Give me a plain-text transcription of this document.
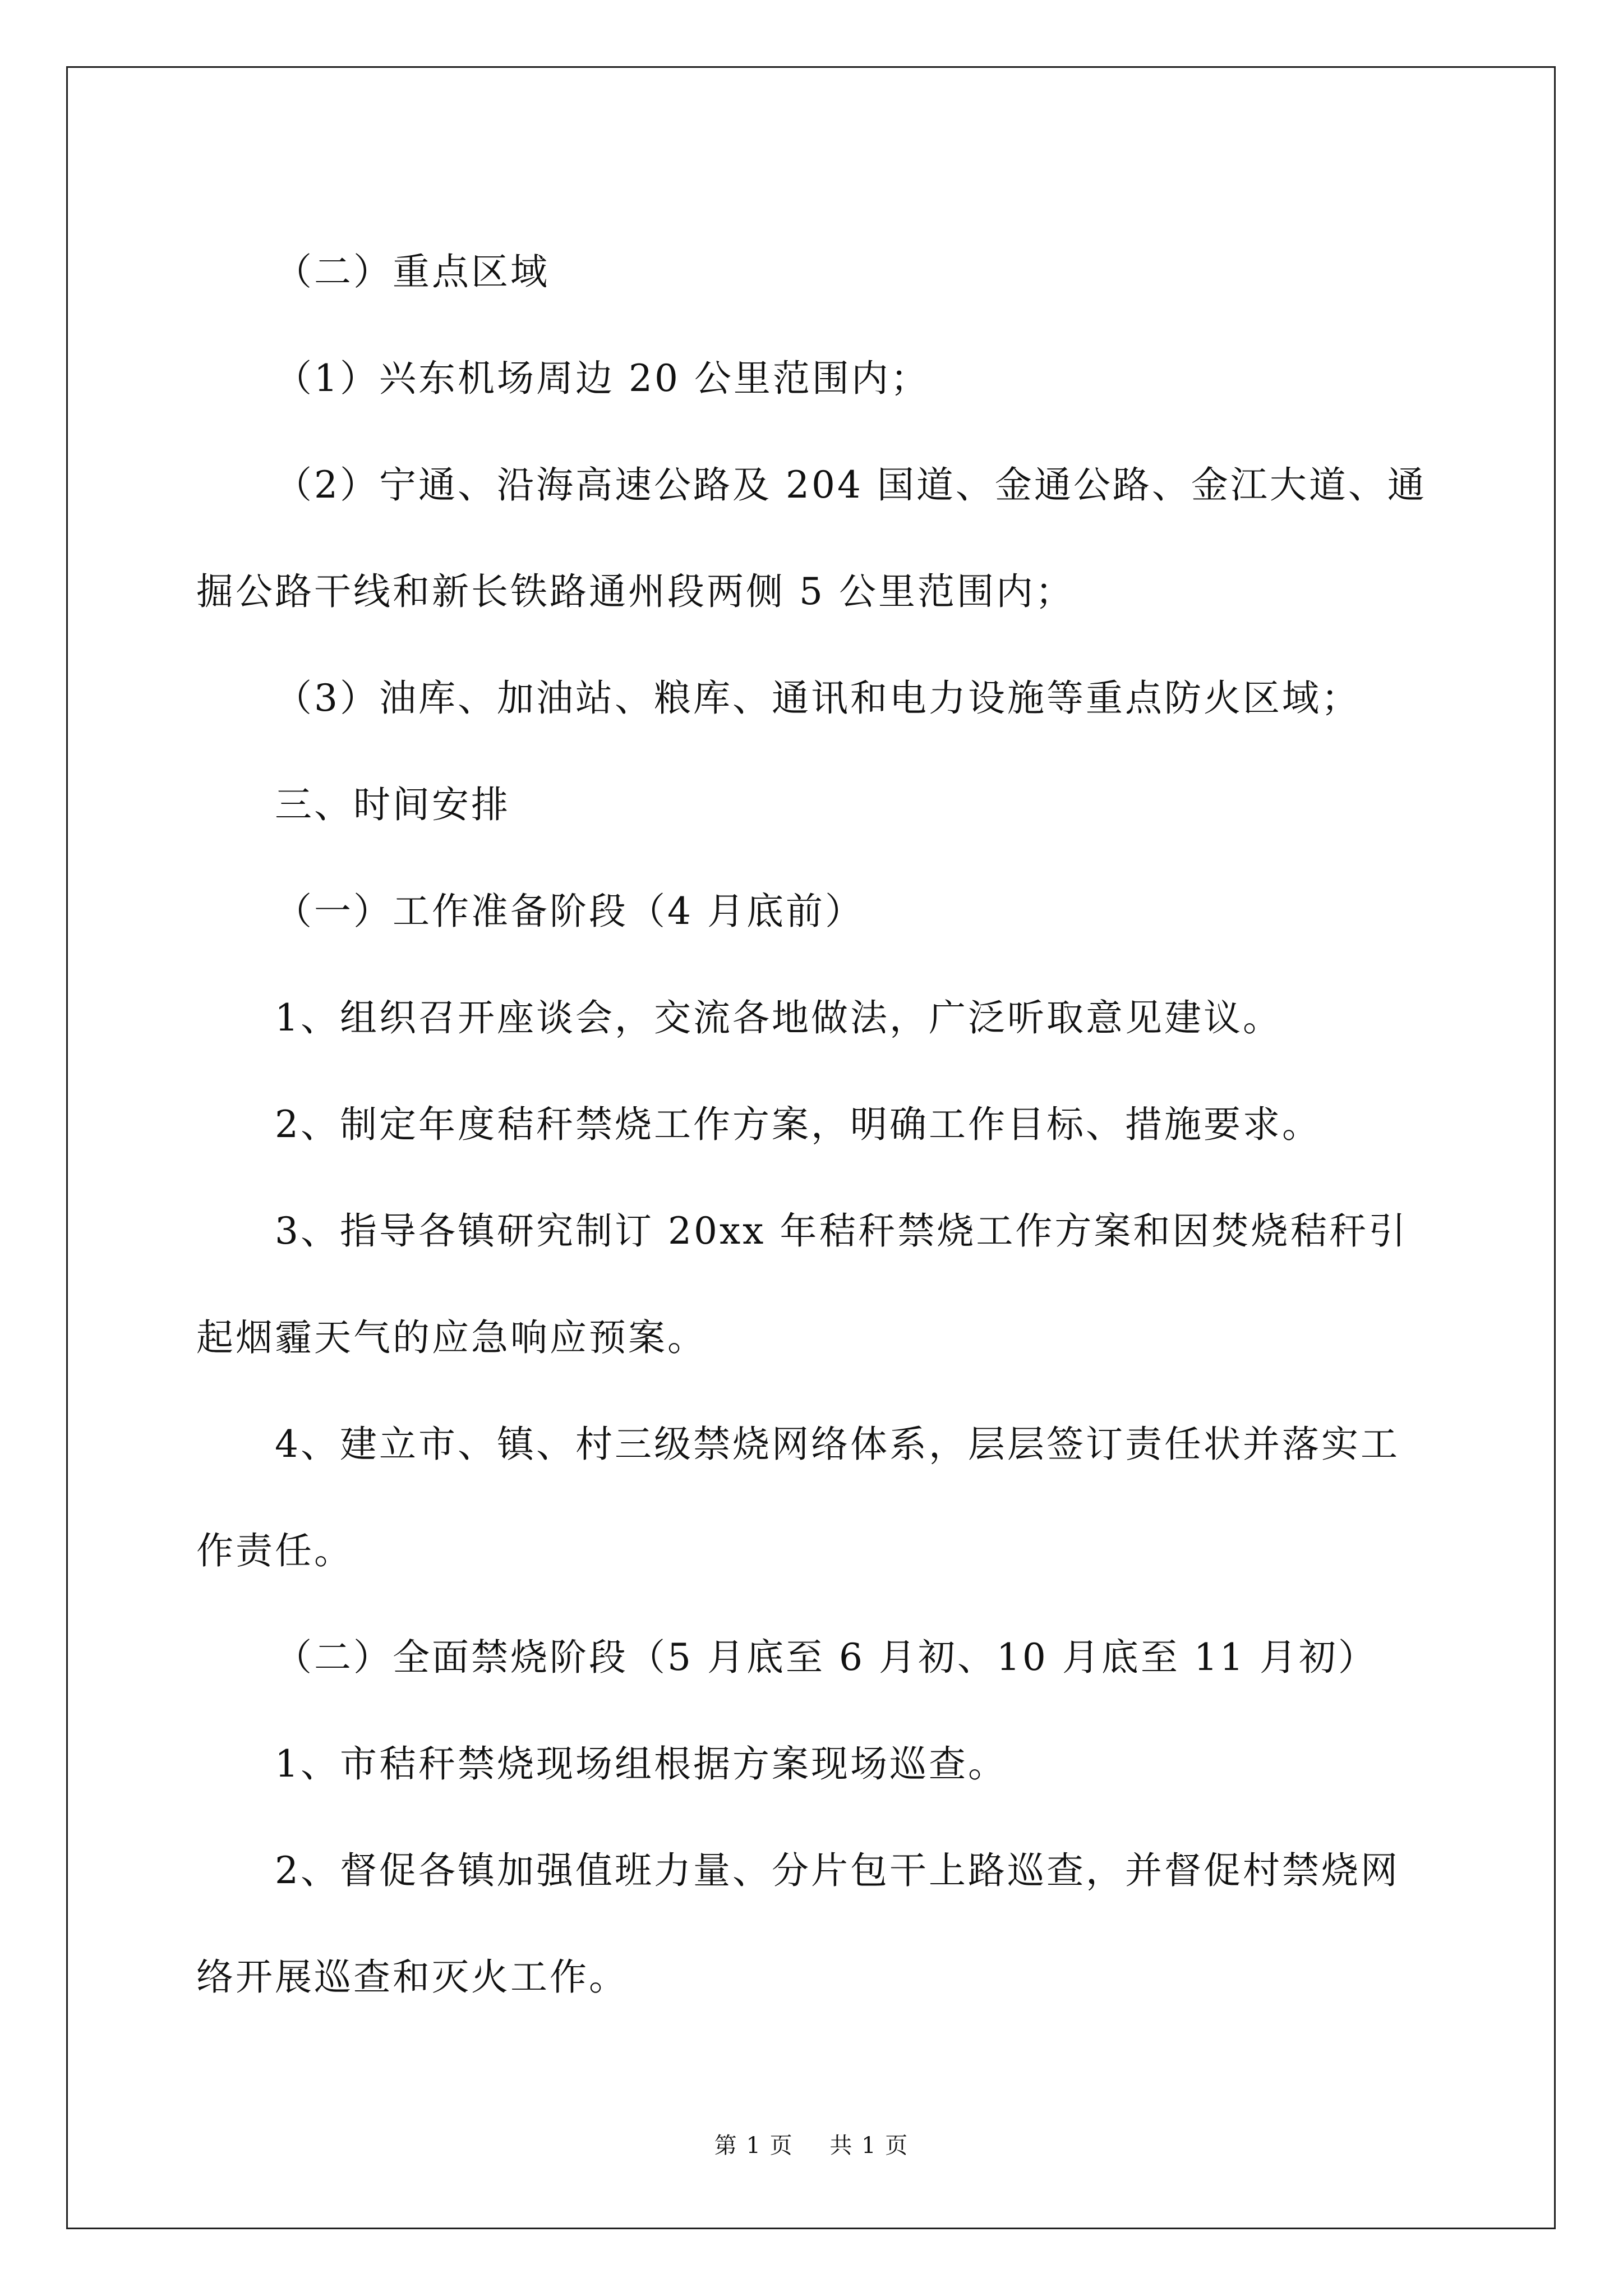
（二）重点区域

（1）兴东机场周边 20 公里范围内；

（2）宁通、沿海高速公路及 204 国道、金通公路、金江大道、通掘公路干线和新长铁路通州段两侧 5 公里范围内；

（3）油库、加油站、粮库、通讯和电力设施等重点防火区域；

三、时间安排

（一）工作准备阶段（4 月底前）

1、组织召开座谈会，交流各地做法，广泛听取意见建议。

2、制定年度秸秆禁烧工作方案，明确工作目标、措施要求。

3、指导各镇研究制订 20xx 年秸秆禁烧工作方案和因焚烧秸秆引起烟霾天气的应急响应预案。

4、建立市、镇、村三级禁烧网络体系，层层签订责任状并落实工作责任。

（二）全面禁烧阶段（5 月底至 6 月初、10 月底至 11 月初）

1、市秸秆禁烧现场组根据方案现场巡查。

2、督促各镇加强值班力量、分片包干上路巡查，并督促村禁烧网络开展巡查和灭火工作。

第 1 页 共 1 页
